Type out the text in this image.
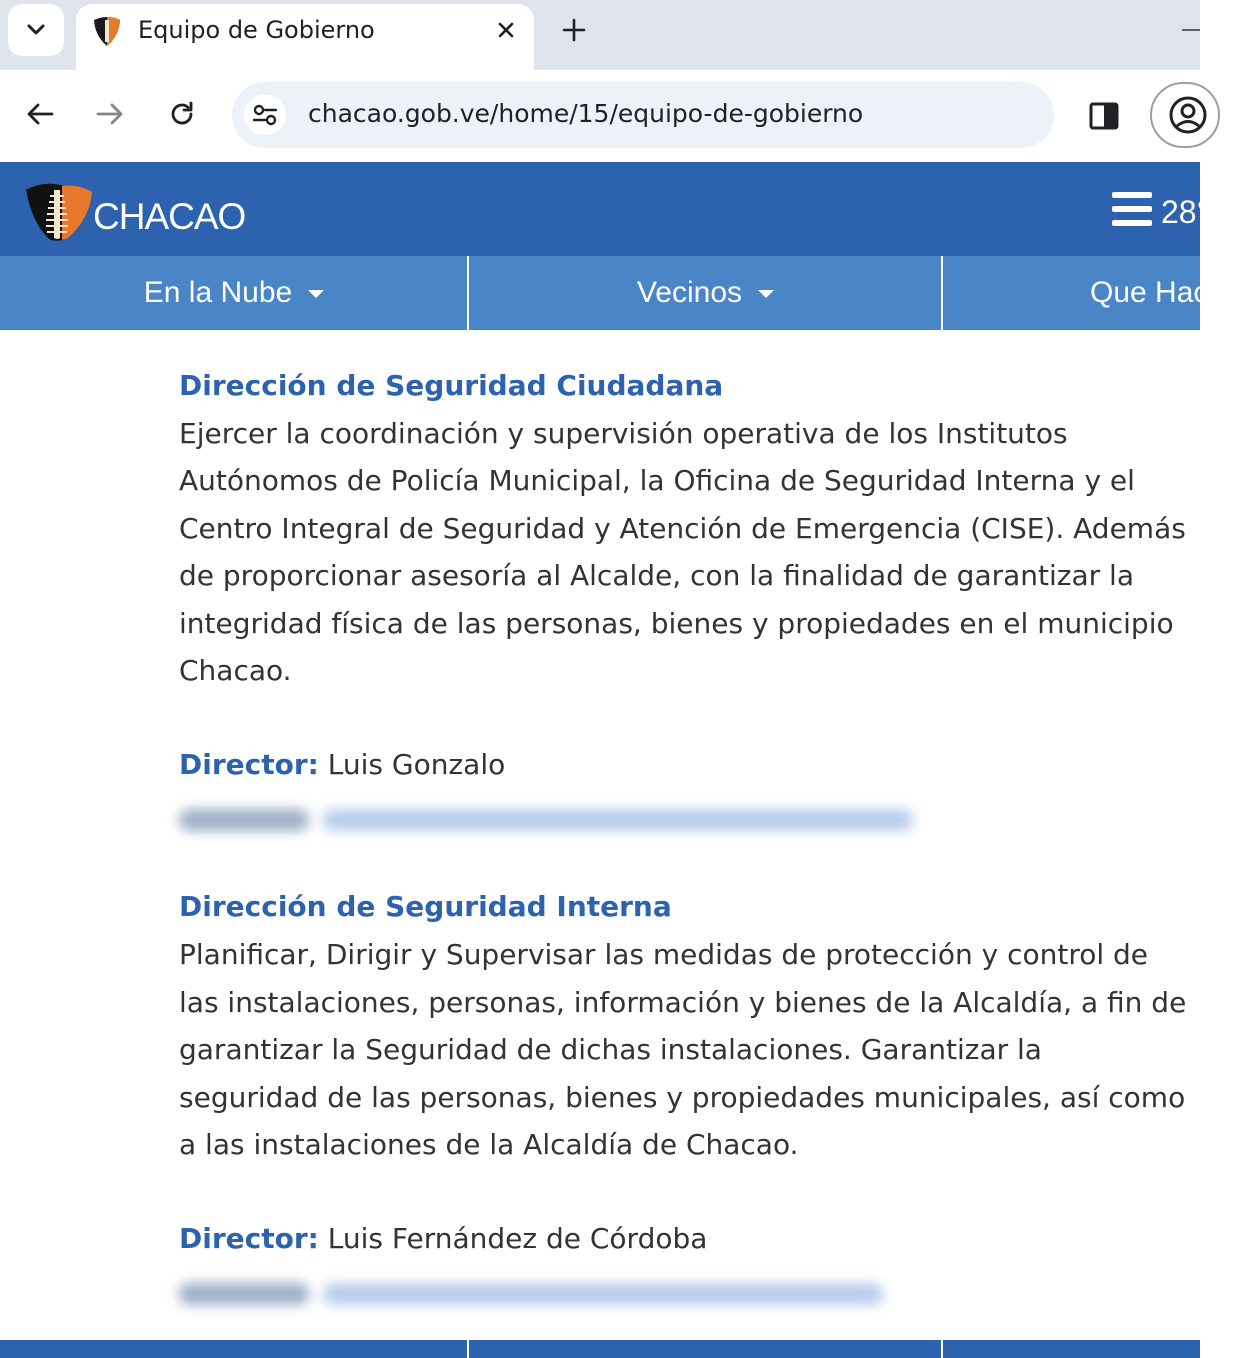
Equipo de Gobierno
chacao.gob.ve/home/15/equipo-de-gobierno
CHACAO	28°
En la Nube	Vecinos	Que Hacer
Dirección de Seguridad Ciudadana
Ejercer la coordinación y supervisión operativa de los Institutos Autónomos de Policía Municipal, la Oficina de Seguridad Interna y el Centro Integral de Seguridad y Atención de Emergencia (CISE). Además de proporcionar asesoría al Alcalde, con la finalidad de garantizar la integridad física de las personas, bienes y propiedades en el municipio Chacao.
Director: Luis Gonzalo
Dirección de Seguridad Interna
Planificar, Dirigir y Supervisar las medidas de protección y control de las instalaciones, personas, información y bienes de la Alcaldía, a fin de garantizar la Seguridad de dichas instalaciones. Garantizar la seguridad de las personas, bienes y propiedades municipales, así como a las instalaciones de la Alcaldía de Chacao.
Director: Luis Fernández de Córdoba
